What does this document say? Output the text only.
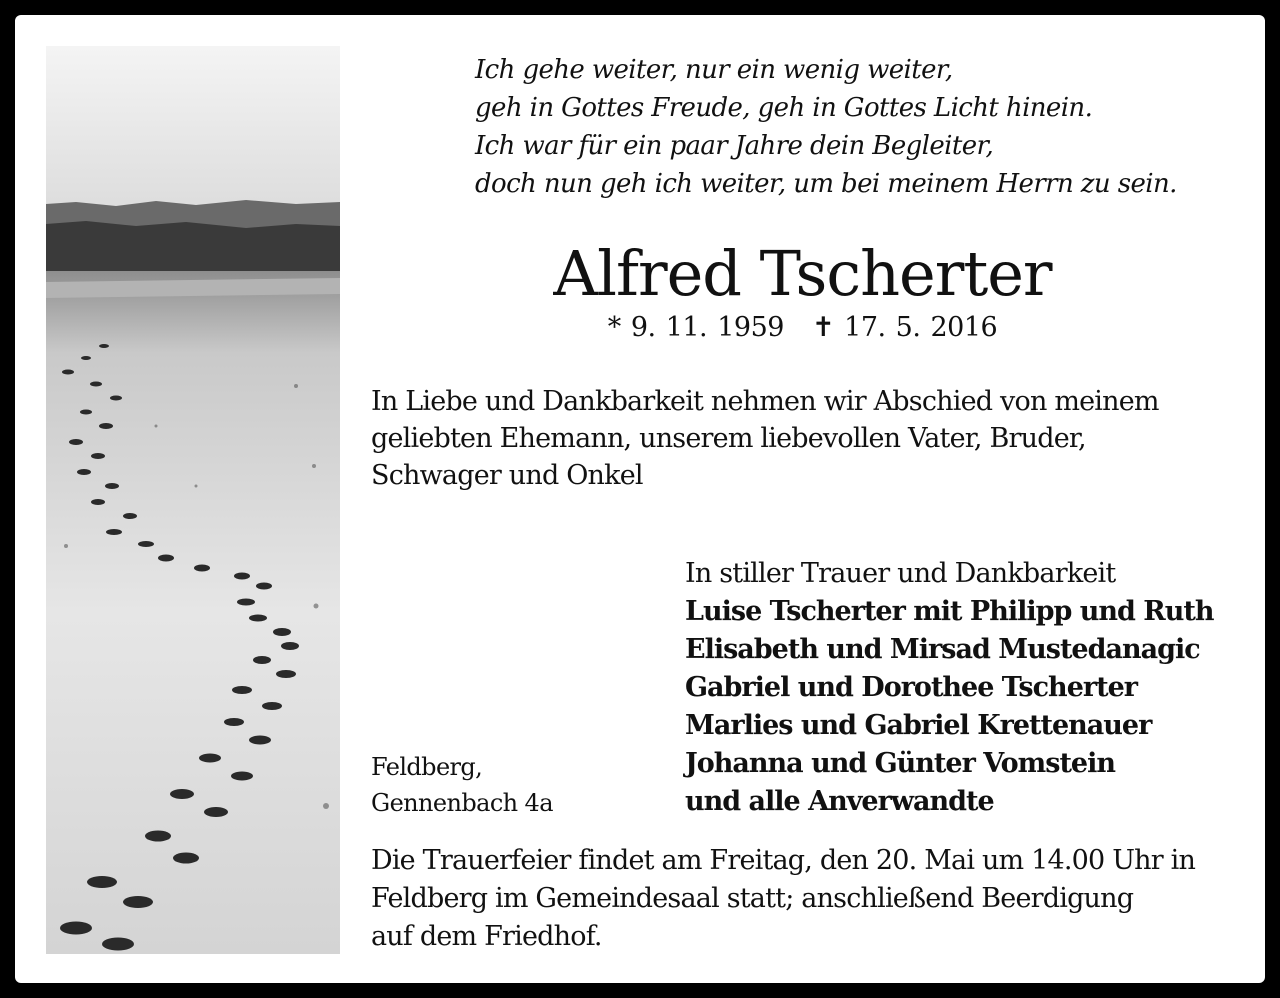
Ich gehe weiter, nur ein wenig weiter,
geh in Gottes Freude, geh in Gottes Licht hinein.
Ich war für ein paar Jahre dein Begleiter,
doch nun geh ich weiter, um bei meinem Herrn zu sein.
Alfred Tscherter
* 9. 11. 1959 ✝ 17. 5. 2016
In Liebe und Dankbarkeit nehmen wir Abschied von meinem
geliebten Ehemann, unserem liebevollen Vater, Bruder,
Schwager und Onkel
In stiller Trauer und Dankbarkeit
Luise Tscherter mit Philipp und Ruth
Elisabeth und Mirsad Mustedanagic
Gabriel und Dorothee Tscherter
Marlies und Gabriel Krettenauer
Johanna und Günter Vomstein
und alle Anverwandte
Feldberg,
Gennenbach 4a
Die Trauerfeier findet am Freitag, den 20. Mai um 14.00 Uhr in
Feldberg im Gemeindesaal statt; anschließend Beerdigung
auf dem Friedhof.
